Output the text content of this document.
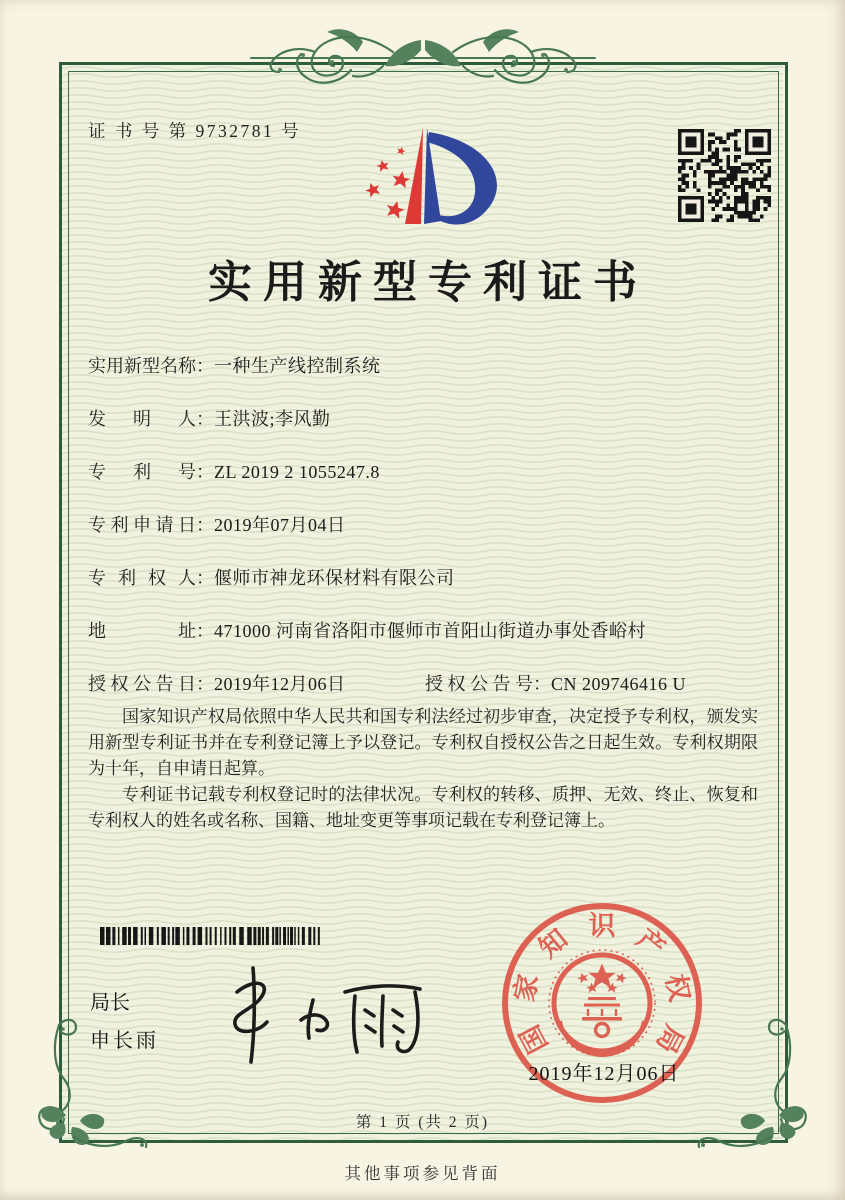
证 书 号 第 9732781 号
实用新型专利证书
实用新型名称：一种生产线控制系统
发明人：王洪波;李风勤
专利号：ZL 2019 2 1055247.8
专利申请日：2019年07月04日
专利权人：偃师市神龙环保材料有限公司
地址：471000 河南省洛阳市偃师市首阳山街道办事处香峪村
授权公告日：2019年12月06日	授权公告号：CN 209746416 U

国家知识产权局依照中华人民共和国专利法经过初步审查，决定授予专利权，颁发实用新型专利证书并在专利登记簿上予以登记。专利权自授权公告之日起生效。专利权期限为十年，自申请日起算。

专利证书记载专利权登记时的法律状况。专利权的转移、质押、无效、终止、恢复和专利权人的姓名或名称、国籍、地址变更等事项记载在专利登记簿上。

局长
申长雨	国
家
知 识 产
权
局
2019年12月06日
第 1 页 (共 2 页)
其他事项参见背面
